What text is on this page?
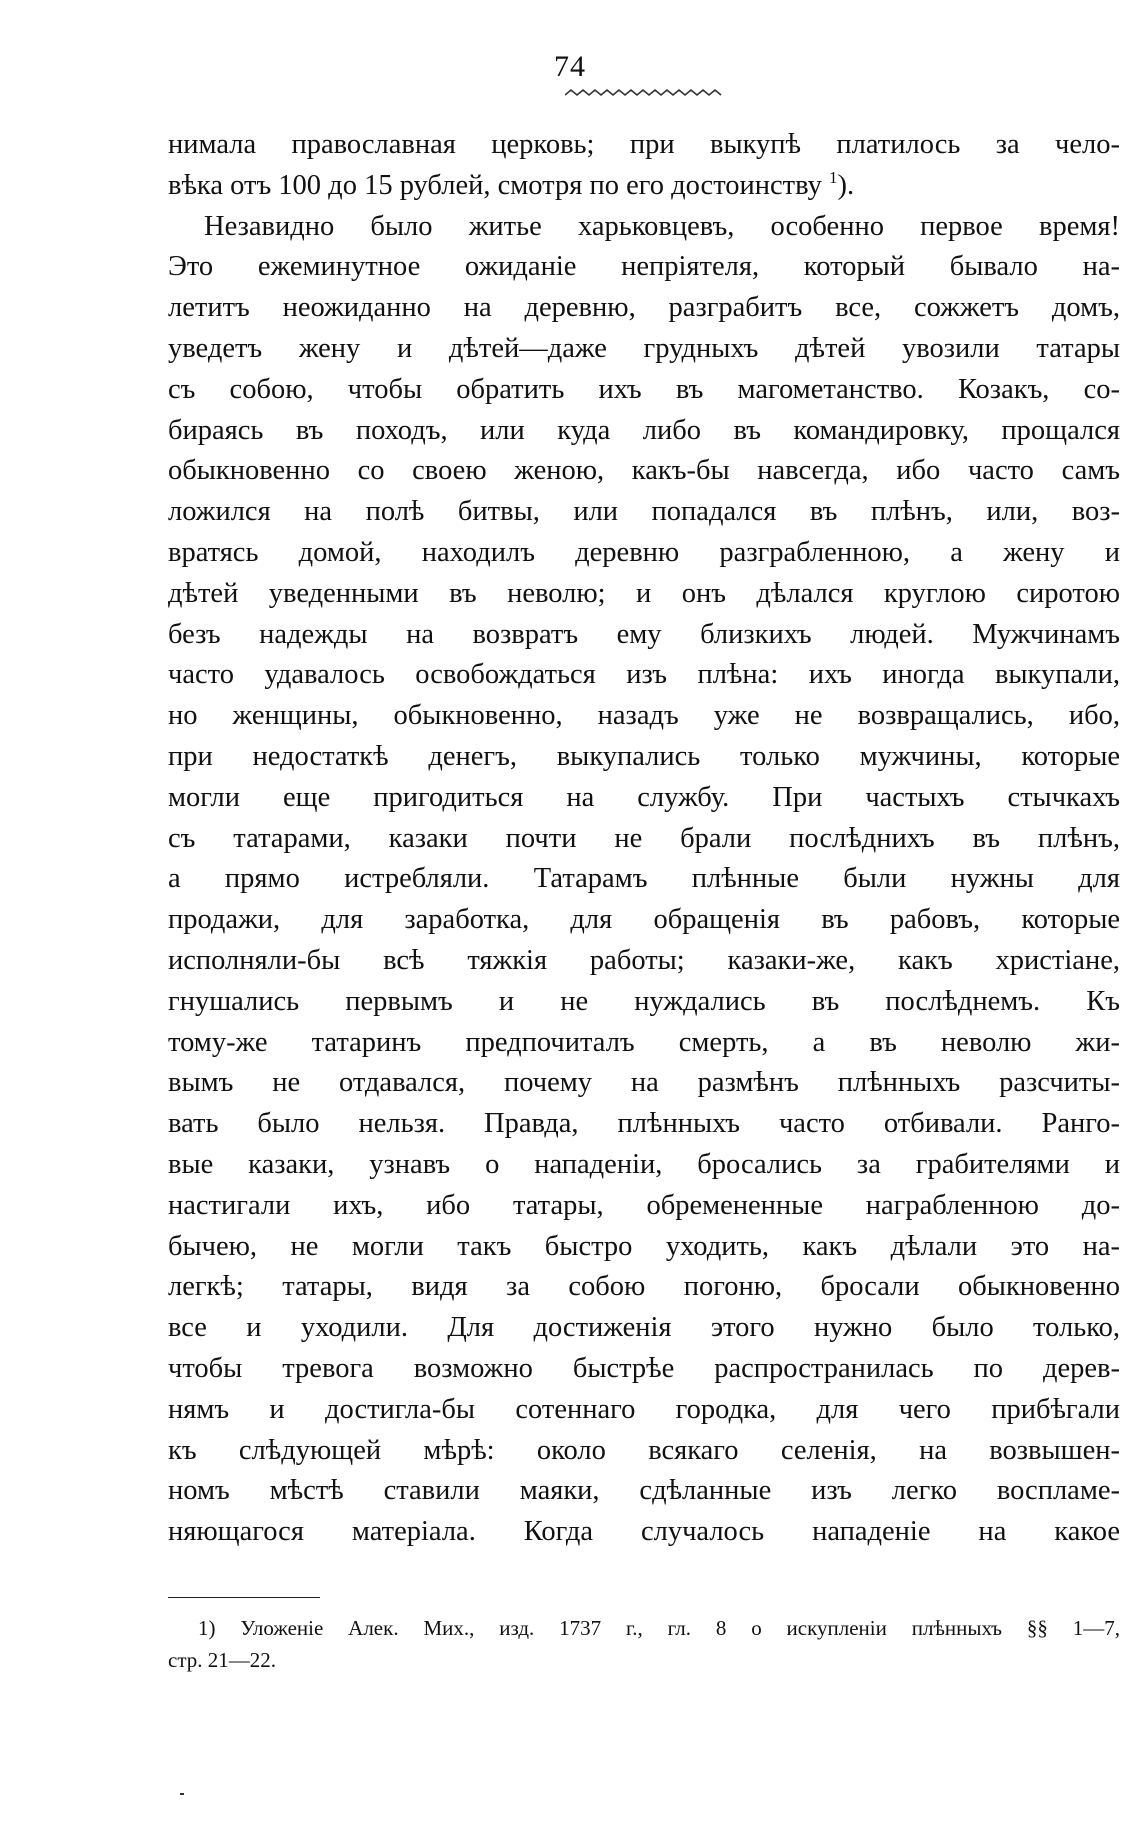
74
нимала православная церковь; при выкупѣ платилось за чело-
вѣка отъ 100 до 15 рублей, смотря по его достоинству $^1$).
Незавидно было житье харьковцевъ, особенно первое время!
Это ежеминутное ожиданіе непріятеля, который бывало на-
летитъ неожиданно на деревню, разграбитъ все, сожжетъ домъ,
уведетъ жену и дѣтей—даже грудныхъ дѣтей увозили татары
съ собою, чтобы обратить ихъ въ магометанство. Козакъ, со-
бираясь въ походъ, или куда либо въ командировку, прощался
обыкновенно со своею женою, какъ-бы навсегда, ибо часто самъ
ложился на полѣ битвы, или попадался въ плѣнъ, или, воз-
вратясь домой, находилъ деревню разграбленною, а жену и
дѣтей уведенными въ неволю; и онъ дѣлался круглою сиротою
безъ надежды на возвратъ ему близкихъ людей. Мужчинамъ
часто удавалось освобождаться изъ плѣна: ихъ иногда выкупали,
но женщины, обыкновенно, назадъ уже не возвращались, ибо,
при недостаткѣ денегъ, выкупались только мужчины, которые
могли еще пригодиться на службу. При частыхъ стычкахъ
съ татарами, казаки почти не брали послѣднихъ въ плѣнъ,
а прямо истребляли. Татарамъ плѣнные были нужны для
продажи, для заработка, для обращенія въ рабовъ, которые
исполняли-бы всѣ тяжкія работы; казаки-же, какъ христіане,
гнушались первымъ и не нуждались въ послѣднемъ. Къ
тому-же татаринъ предпочиталъ смерть, а въ неволю жи-
вымъ не отдавался, почему на размѣнъ плѣнныхъ разсчиты-
вать было нельзя. Правда, плѣнныхъ часто отбивали. Ранго-
вые казаки, узнавъ о нападеніи, бросались за грабителями и
настигали ихъ, ибо татары, обремененные награбленною до-
бычею, не могли такъ быстро уходить, какъ дѣлали это на-
легкѣ; татары, видя за собою погоню, бросали обыкновенно
все и уходили. Для достиженія этого нужно было только,
чтобы тревога возможно быстрѣе распространилась по дерев-
нямъ и достигла-бы сотеннаго городка, для чего прибѣгали
къ слѣдующей мѣрѣ: около всякаго селенія, на возвышен-
номъ мѣстѣ ставили маяки, сдѣланные изъ легко воспламе-
няющагося матеріала. Когда случалось нападеніе на какое
1) Уложеніе Алек. Мих., изд. 1737 г., гл. 8 о искупленіи плѣнныхъ §§ 1—7,
стр. 21—22.
